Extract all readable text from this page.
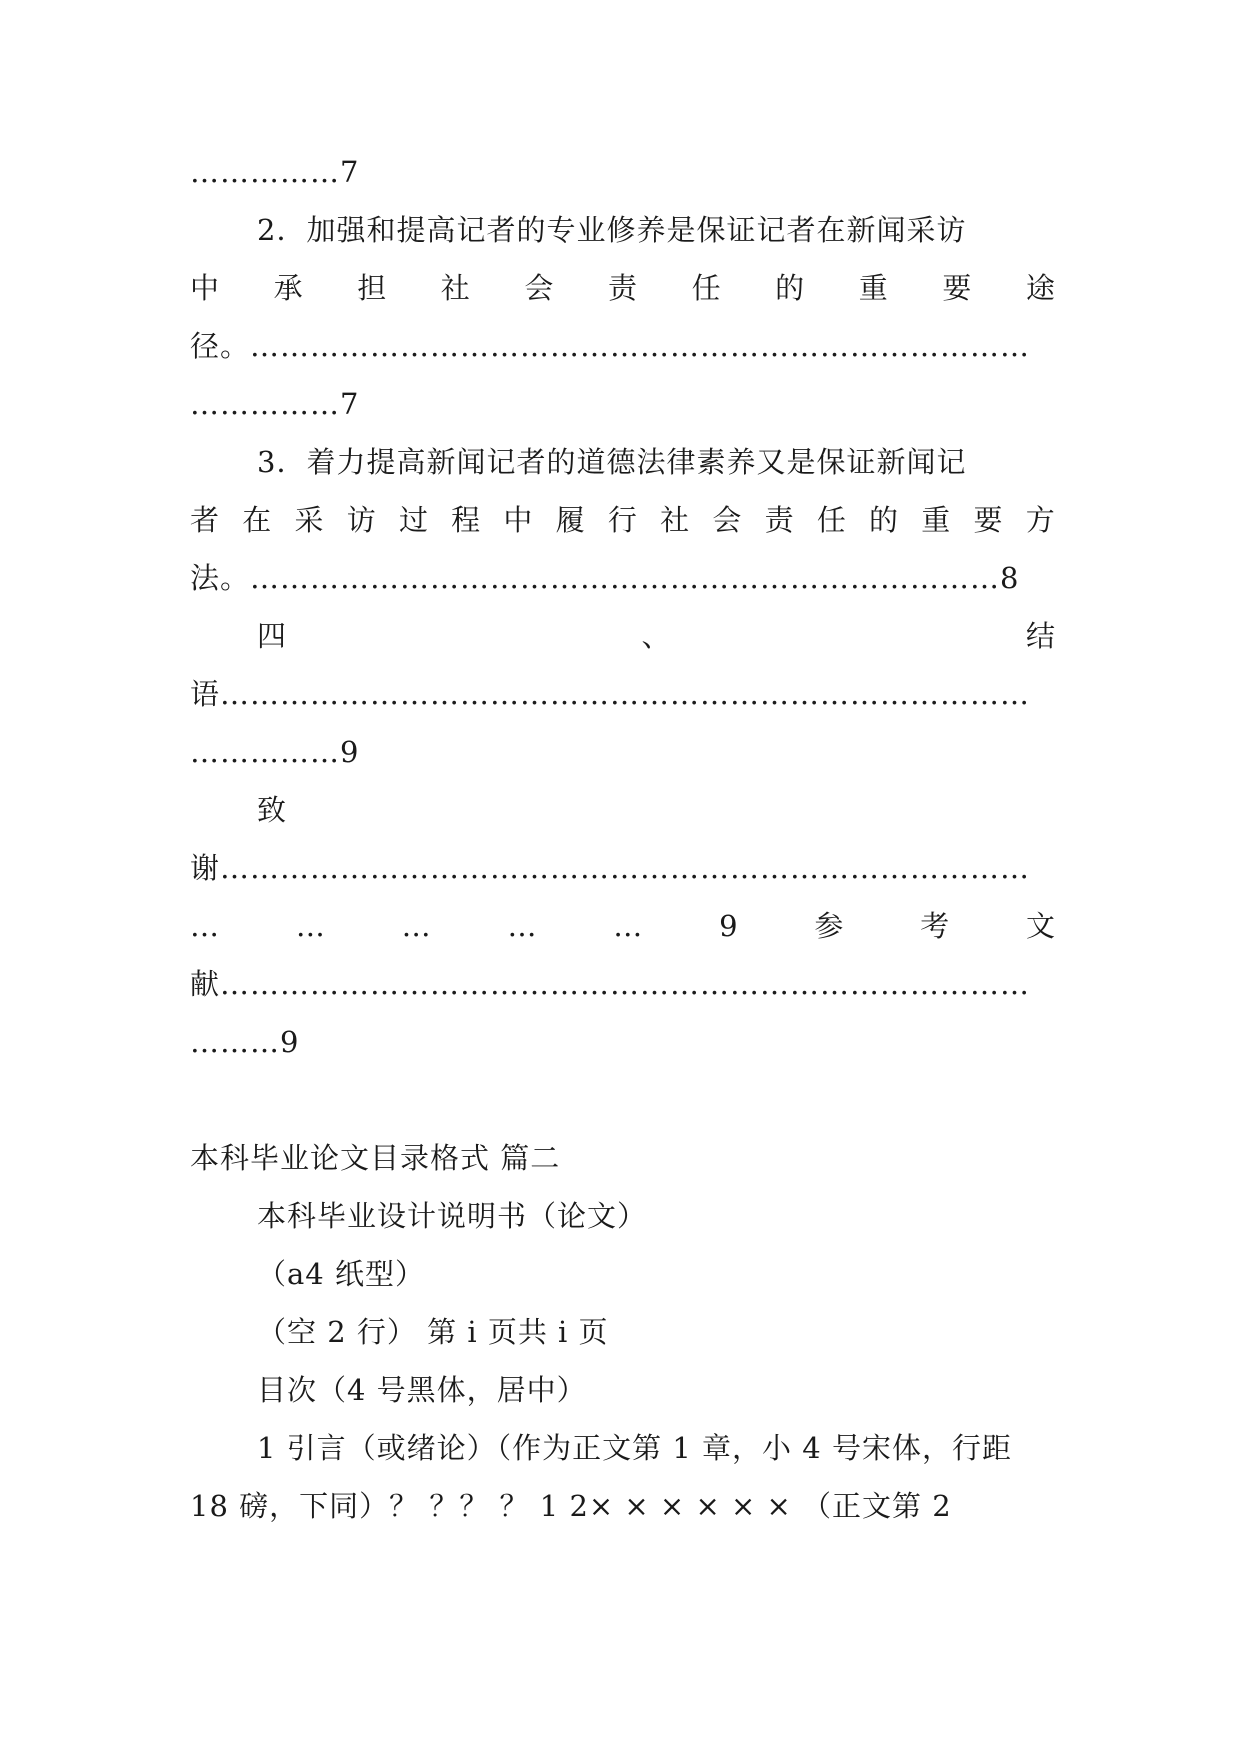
……………7
2．加强和提高记者的专业修养是保证记者在新闻采访
中 承 担 社 会 责 任 的 重 要 途
径。……………………………………………………………………
……………7
3．着力提高新闻记者的道德法律素养又是保证新闻记
者 在 采 访 过 程 中 履 行 社 会 责 任 的 重 要 方
法。…………………………………………………………………8
四	、	结
语………………………………………………………………………
……………9
致
谢………………………………………………………………………
…	…	…	…	…	9	参	考	文
献………………………………………………………………………
………9
本科毕业论文目录格式 篇二
本科毕业设计说明书（论文）
（a4 纸型）
（空 2 行） 第 i 页共 i 页
目次（4 号黑体，居中）
1 引言（或绪论）（作为正文第 1 章，小 4 号宋体，行距
18 磅，下同）？ ？？ ？ 1 2× × × × × × （正文第 2
